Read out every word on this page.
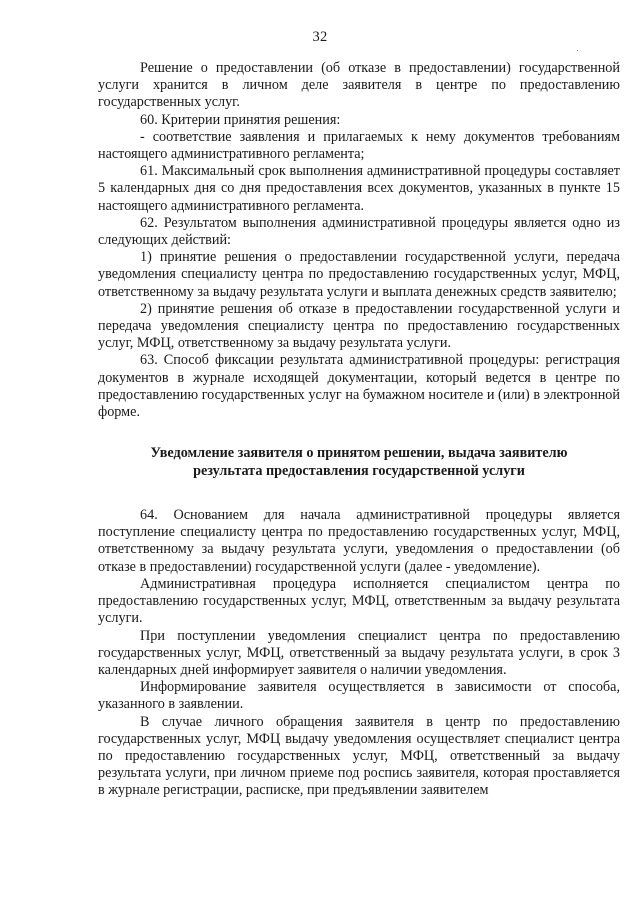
32

Решение о предоставлении (об отказе в предоставлении) государственной услуги хранится в личном деле заявителя в центре по предоставлению государственных услуг.

60. Критерии принятия решения:

- соответствие заявления и прилагаемых к нему документов требованиям настоящего административного регламента;

61. Максимальный срок выполнения административной процедуры составляет 5 календарных дня со дня предоставления всех документов, указанных в пункте 15 настоящего административного регламента.

62. Результатом выполнения административной процедуры является одно из следующих действий:

1) принятие решения о предоставлении государственной услуги, передача уведомления специалисту центра по предоставлению государственных услуг, МФЦ, ответственному за выдачу результата услуги и выплата денежных средств заявителю;

2) принятие решения об отказе в предоставлении государственной услуги и передача уведомления специалисту центра по предоставлению государственных услуг, МФЦ, ответственному за выдачу результата услуги.

63. Способ фиксации результата административной процедуры: регистрация документов в журнале исходящей документации, который ведется в центре по предоставлению государственных услуг на бумажном носителе и (или) в электронной форме.

Уведомление заявителя о принятом решении, выдача заявителю
результата предоставления государственной услуги

64. Основанием для начала административной процедуры является поступление специалисту центра по предоставлению государственных услуг, МФЦ, ответственному за выдачу результата услуги, уведомления о предоставлении (об отказе в предоставлении) государственной услуги (далее - уведомление).

Административная процедура исполняется специалистом центра по предоставлению государственных услуг, МФЦ, ответственным за выдачу результата услуги.

При поступлении уведомления специалист центра по предоставлению государственных услуг, МФЦ, ответственный за выдачу результата услуги, в срок 3 календарных дней информирует заявителя о наличии уведомления.

Информирование заявителя осуществляется в зависимости от способа, указанного в заявлении.

В случае личного обращения заявителя в центр по предоставлению государственных услуг, МФЦ выдачу уведомления осуществляет специалист центра по предоставлению государственных услуг, МФЦ, ответственный за выдачу результата услуги, при личном приеме под роспись заявителя, которая проставляется в журнале регистрации, расписке, при предъявлении заявителем
